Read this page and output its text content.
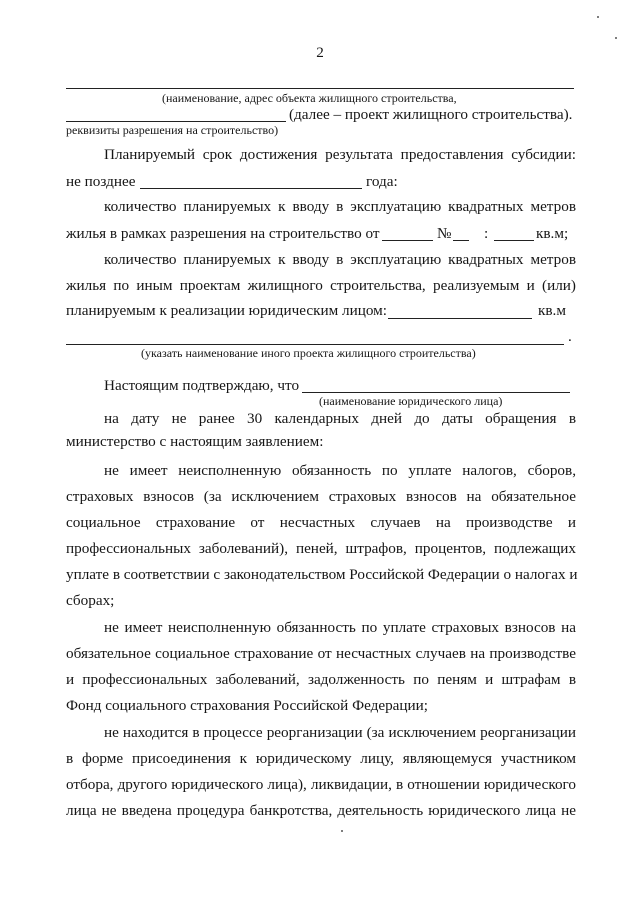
2
(наименование, адрес объекта жилищного строительства,
(далее – проект жилищного строительства).
реквизиты разрешения на строительство)
Планируемый срок достижения результата предоставления субсидии:
не позднее	года:
количество планируемых к вводу в эксплуатацию квадратных метров
жилья в рамках разрешения на строительство от	№ :	кв.м;
количество планируемых к вводу в эксплуатацию квадратных метров
жилья по иным проектам жилищного строительства, реализуемым и (или)
планируемым к реализации юридическим лицом:	кв.м
.
(указать наименование иного проекта жилищного строительства)
Настоящим подтверждаю, что
(наименование юридического лица)
на дату не ранее 30 календарных дней до даты обращения в
министерство с настоящим заявлением:
не имеет неисполненную обязанность по уплате налогов, сборов,
страховых взносов (за исключением страховых взносов на обязательное
социальное страхование от несчастных случаев на производстве и
профессиональных заболеваний), пеней, штрафов, процентов, подлежащих
уплате в соответствии с законодательством Российской Федерации о налогах и
сборах;
не имеет неисполненную обязанность по уплате страховых взносов на
обязательное социальное страхование от несчастных случаев на производстве
и профессиональных заболеваний, задолженность по пеням и штрафам в
Фонд социального страхования Российской Федерации;
не находится в процессе реорганизации (за исключением реорганизации
в форме присоединения к юридическому лицу, являющемуся участником
отбора, другого юридического лица), ликвидации, в отношении юридического
лица не введена процедура банкротства, деятельность юридического лица не
